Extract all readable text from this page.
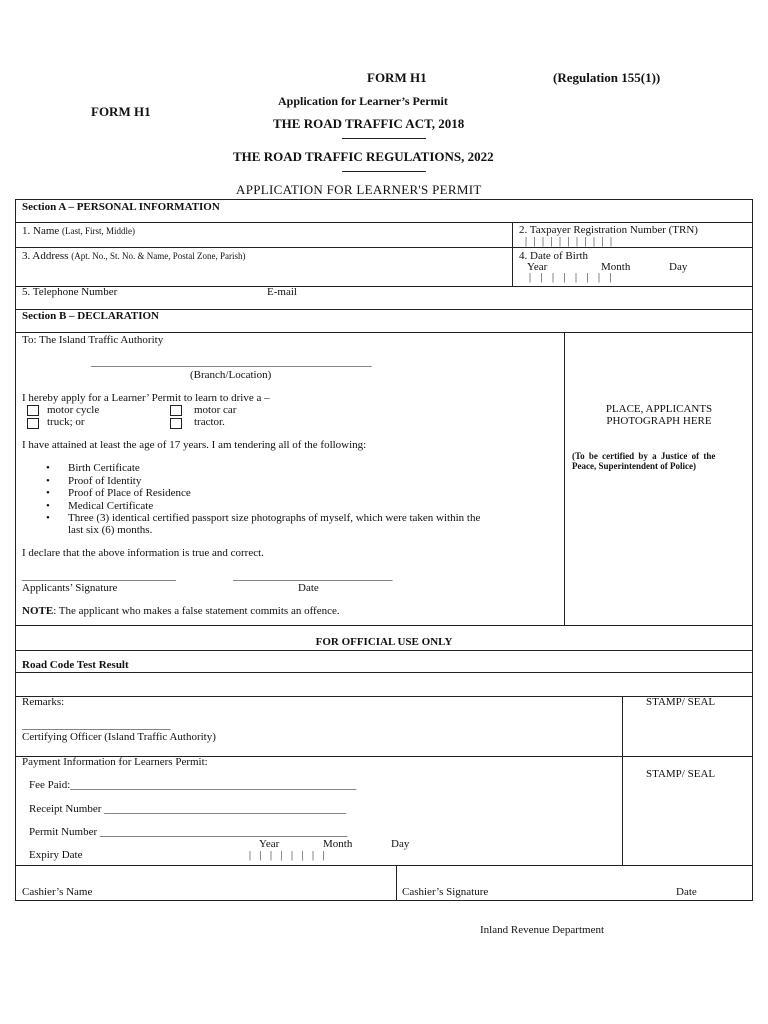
FORM H1	(Regulation 155(1))
FORM H1
Application for Learner’s Permit
THE ROAD TRAFFIC ACT, 2018
THE ROAD TRAFFIC REGULATIONS, 2022
APPLICATION FOR LEARNER'S PERMIT
Section A – PERSONAL INFORMATION
1. Name (Last, First, Middle)	2. Taxpayer Registration Number (TRN)
| | | | | | | | | | |
3. Address (Apt. No., St. No. & Name, Postal Zone, Parish)	4. Date of Birth
Year	Month	Day
| | | | | | | |
5. Telephone Number	E-mail
Section B – DECLARATION
To: The Island Traffic Authority
___________________________________________________
(Branch/Location)
I hereby apply for a Learner’ Permit to learn to drive a –
motor cycle	motor car
truck; or	tractor.
I have attained at least the age of 17 years. I am tendering all of the following:
• Birth Certificate
• Proof of Identity
• Proof of Place of Residence
• Medical Certificate
• Three (3) identical certified passport size photographs of myself, which were taken within the
last six (6) months.
I declare that the above information is true and correct.
____________________________	_____________________________
Applicants’ Signature	Date
NOTE: The applicant who makes a false statement commits an offence.
PLACE, APPLICANTS
PHOTOGRAPH HERE
(To be certified by a Justice of the
Peace, Superintendent of Police)
FOR OFFICIAL USE ONLY
Road Code Test Result
Remarks:	STAMP/ SEAL
___________________________
Certifying Officer (Island Traffic Authority)
Payment Information for Learners Permit:
STAMP/ SEAL
Fee Paid:____________________________________________________
Receipt Number ____________________________________________
Permit Number _____________________________________________
Year	Month	Day
Expiry Date	| | | | | | | |
Cashier’s Name	Cashier’s Signature	Date
Inland Revenue Department
